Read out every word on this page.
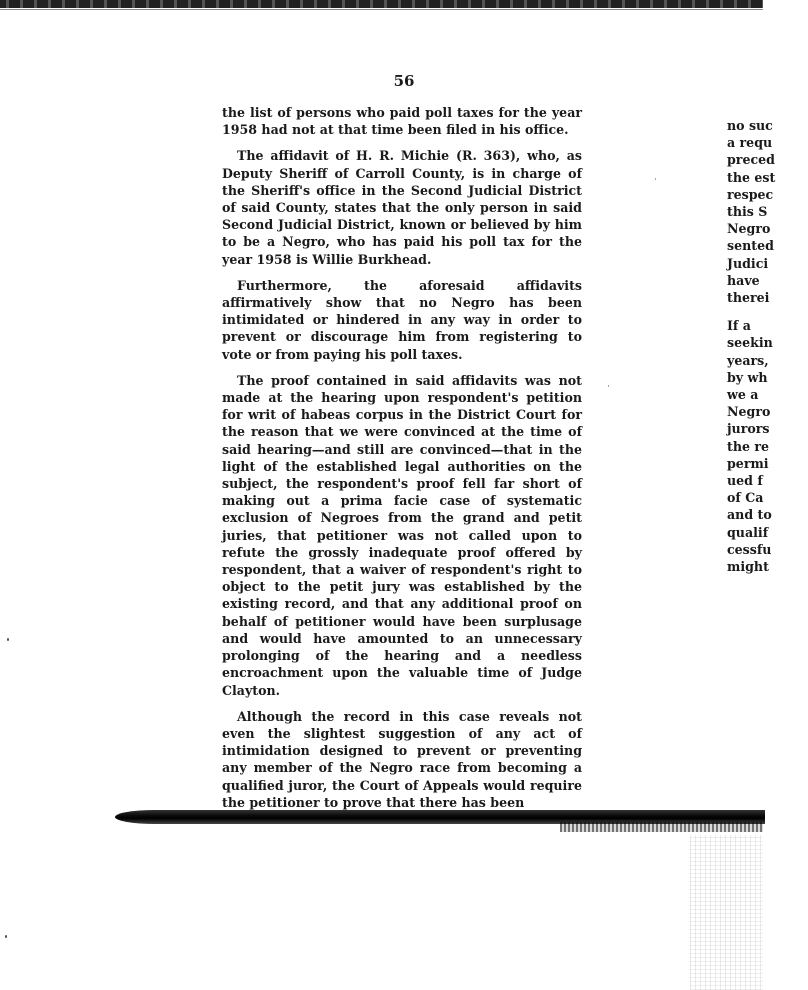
56

the list of persons who paid poll taxes for the year 1958 had not at that time been filed in his office.

The affidavit of H. R. Michie (R. 363), who, as Deputy Sheriff of Carroll County, is in charge of the Sheriff's office in the Second Judicial District of said County, states that the only person in said Second Judicial District, known or believed by him to be a Negro, who has paid his poll tax for the year 1958 is Willie Burkhead.

Furthermore, the aforesaid affidavits affirmatively show that no Negro has been intimidated or hindered in any way in order to prevent or discourage him from registering to vote or from paying his poll taxes.

The proof contained in said affidavits was not made at the hearing upon respondent's petition for writ of habeas corpus in the District Court for the reason that we were convinced at the time of said hearing—and still are convinced—that in the light of the established legal authorities on the subject, the respondent's proof fell far short of making out a prima facie case of systematic exclusion of Negroes from the grand and petit juries, that petitioner was not called upon to refute the grossly inadequate proof offered by respondent, that a waiver of respondent's right to object to the petit jury was established by the existing record, and that any additional proof on behalf of petitioner would have been surplusage and would have amounted to an unnecessary prolonging of the hearing and a needless encroachment upon the valuable time of Judge Clayton.

Although the record in this case reveals not even the slightest suggestion of any act of intimidation designed to prevent or preventing any member of the Negro race from becoming a qualified juror, the Court of Appeals would require the petitioner to prove that there has been

no suc
a requ
preced
the est
respec
this S
Negro
sented
Judici
have
therei
If a
seekin
years,
by wh
we a
Negro
jurors
the re
permi
ued f
of Ca
and to
qualif
cessfu
might
